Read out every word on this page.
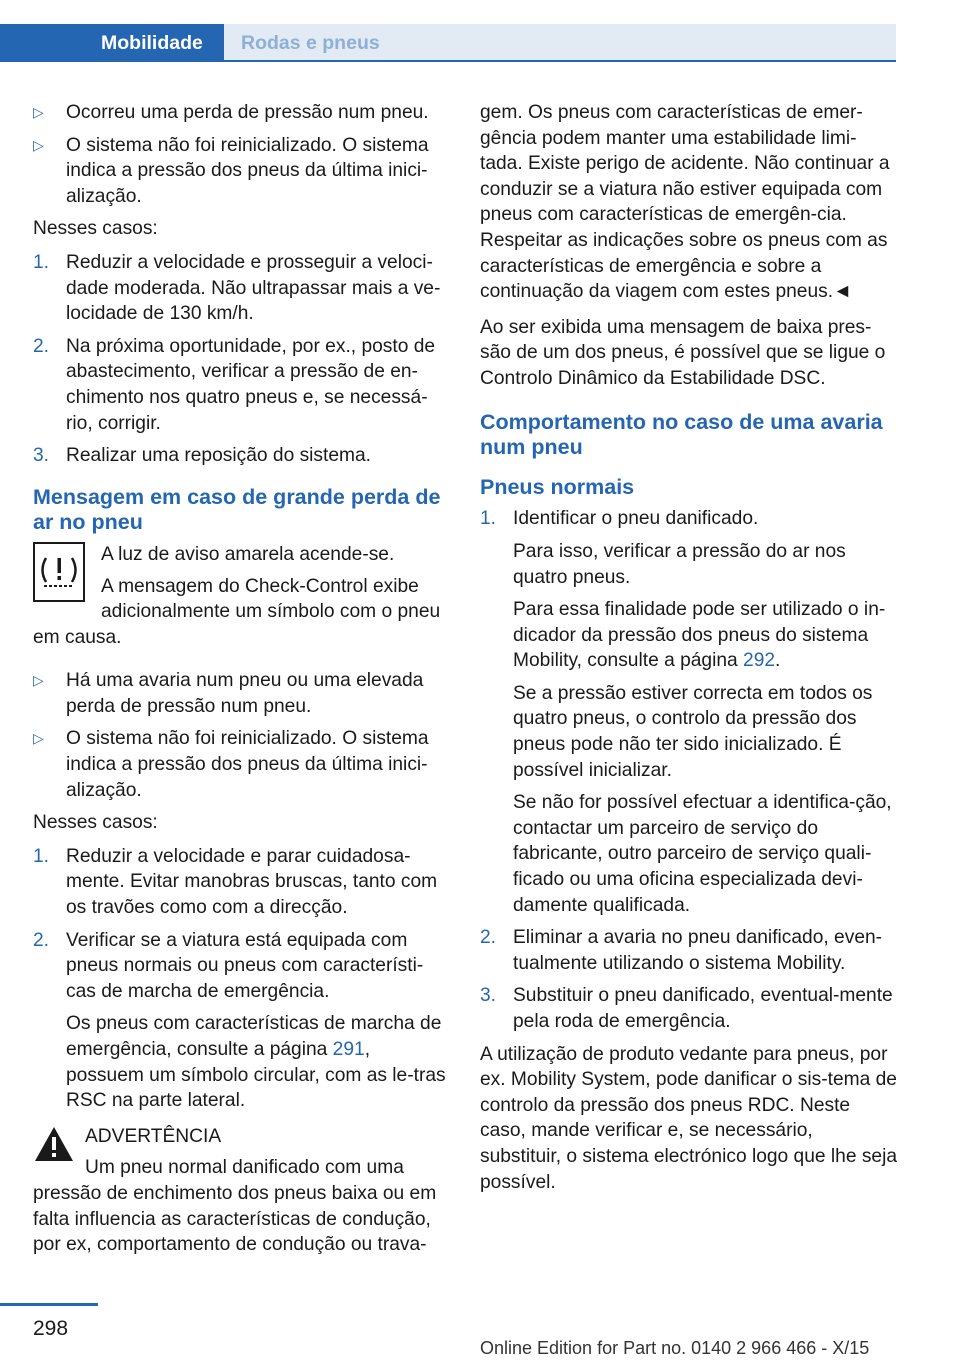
Mobilidade	Rodas e pneus
▷ Ocorreu uma perda de pressão num pneu.
▷ O sistema não foi reinicializado. O sistema indica a pressão dos pneus da última inici‐alização.

Nesses casos:

1. Reduzir a velocidade e prosseguir a veloci‐dade moderada. Não ultrapassar mais a ve‐locidade de 130 km/h.
2. Na próxima oportunidade, por ex., posto de abastecimento, verificar a pressão de en‐chimento nos quatro pneus e, se necessá‐rio, corrigir.
3. Realizar uma reposição do sistema.
Mensagem em caso de grande perda de ar no pneu

A luz de aviso amarela acende-se.

A mensagem do Check-Control exibe adicionalmente um símbolo com o pneu em causa.

▷ Há uma avaria num pneu ou uma elevada perda de pressão num pneu.
▷ O sistema não foi reinicializado. O sistema indica a pressão dos pneus da última inici‐alização.

Nesses casos:

1. Reduzir a velocidade e parar cuidadosa‐mente. Evitar manobras bruscas, tanto com os travões como com a direcção.
2. Verificar se a viatura está equipada com pneus normais ou pneus com característi‐cas de marcha de emergência.
Os pneus com características de marcha de emergência, consulte a página 291, possuem um símbolo circular, com as le‐tras RSC na parte lateral.

ADVERTÊNCIA

Um pneu normal danificado com uma pressão de enchimento dos pneus baixa ou em falta influencia as características de condução, por ex, comportamento de condução ou trava‐

gem. Os pneus com características de emer‐gência podem manter uma estabilidade limi‐tada. Existe perigo de acidente. Não continuar a conduzir se a viatura não estiver equipada com pneus com características de emergên‐cia. Respeitar as indicações sobre os pneus com as características de emergência e sobre a continuação da viagem com estes pneus.◄

Ao ser exibida uma mensagem de baixa pres‐são de um dos pneus, é possível que se ligue o Controlo Dinâmico da Estabilidade DSC.

Comportamento no caso de uma avaria num pneu
Pneus normais
1. Identificar o pneu danificado.
Para isso, verificar a pressão do ar nos quatro pneus.
Para essa finalidade pode ser utilizado o in‐dicador da pressão dos pneus do sistema Mobility, consulte a página 292.
Se a pressão estiver correcta em todos os quatro pneus, o controlo da pressão dos pneus pode não ter sido inicializado. É possível inicializar.
Se não for possível efectuar a identifica‐ção, contactar um parceiro de serviço do fabricante, outro parceiro de serviço quali‐ficado ou uma oficina especializada devi‐damente qualificada.
2. Eliminar a avaria no pneu danificado, even‐tualmente utilizando o sistema Mobility.
3. Substituir o pneu danificado, eventual‐mente pela roda de emergência.

A utilização de produto vedante para pneus, por ex. Mobility System, pode danificar o sis‐tema de controlo da pressão dos pneus RDC. Neste caso, mande verificar e, se necessário, substituir, o sistema electrónico logo que lhe seja possível.

298
Online Edition for Part no. 0140 2 966 466 - X/15
